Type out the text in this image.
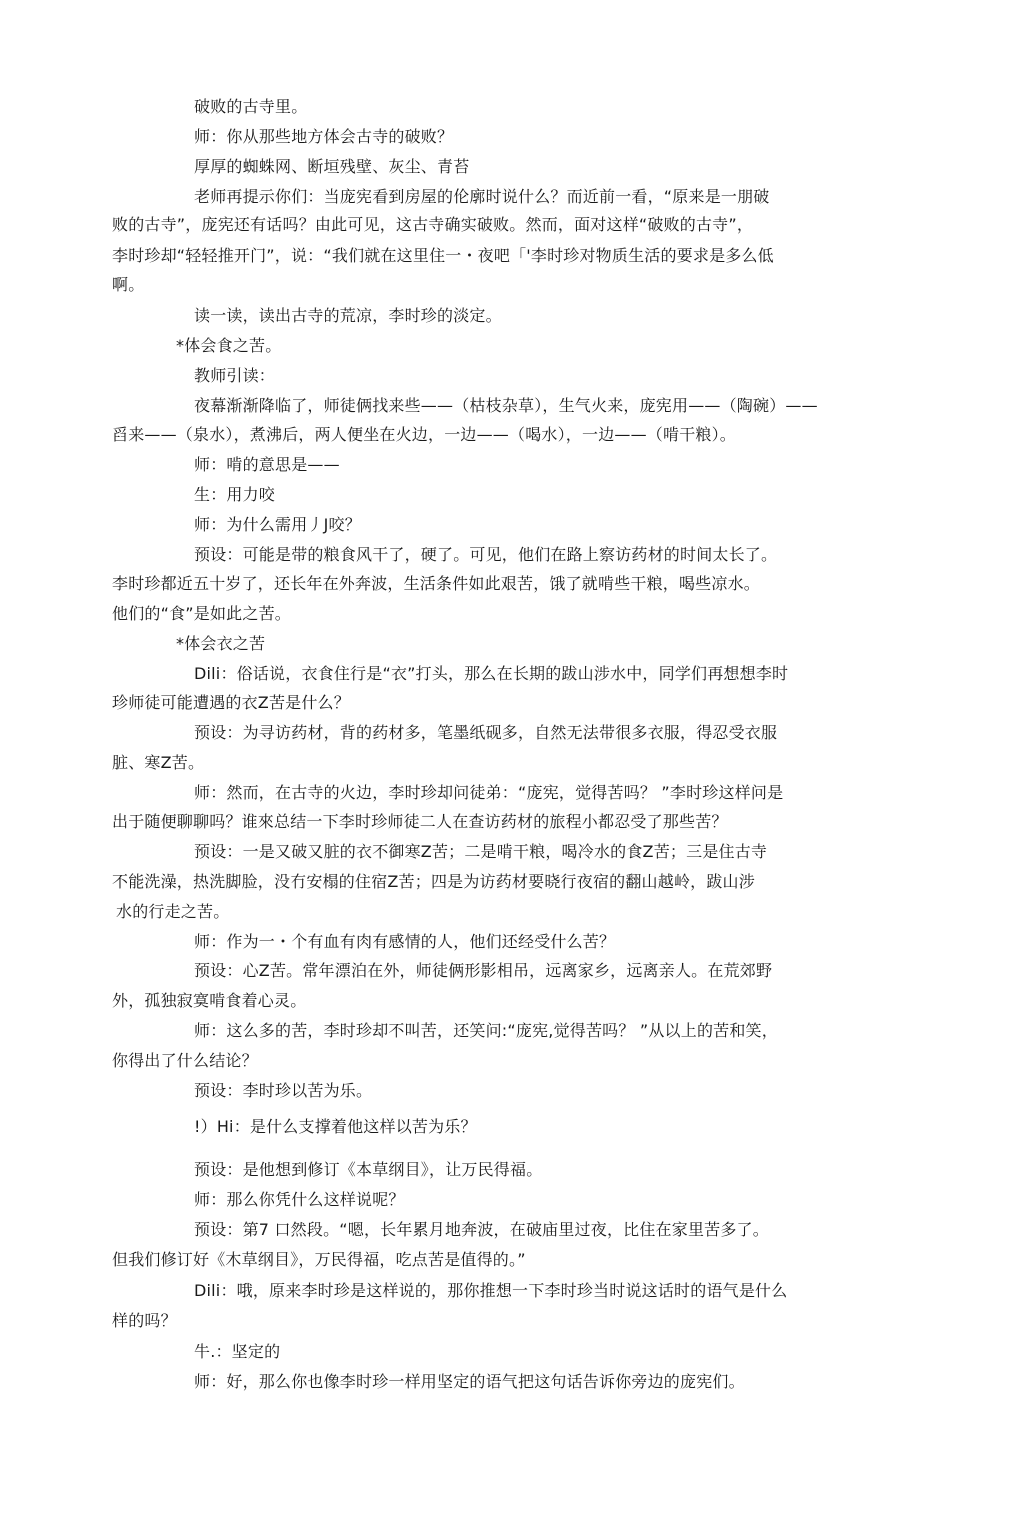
破败的古寺里。
师：你从那些地方体会古寺的破败？
厚厚的蜘蛛网、断垣残壁、灰尘、青苔
老师再提示你们：当庞宪看到房屋的伦廓时说什么？而近前一看，“原来是一朋破
败的古寺”，庞宪还有话吗？由此可见，这古寺确实破败。然而，面对这样“破败的古寺”，
李时珍却“轻轻推开门”，说：“我们就在这里住一・夜吧「'李时珍对物质生活的要求是多么低
啊。
读一读，读出古寺的荒凉，李时珍的淡定。
*体会食之苦。
教师引读：
夜幕渐渐降临了，师徒俩找来些——（枯枝杂草），生气火来，庞宪用——（陶碗）——
舀来——（泉水），煮沸后，两人便坐在火边，一边——（喝水），一边——（啃干粮）。
师：啃的意思是——
生：用力咬
师：为什么需用丿J咬？
预设：可能是带的粮食风干了，硬了。可见，他们在路上察访药材的时间太长了。
李时珍都近五十岁了，还长年在外奔波，生活条件如此艰苦，饿了就啃些干粮，喝些凉水。
他们的“食”是如此之苦。
*体会衣之苦
Dili：俗话说，衣食住行是“衣”打头，那么在长期的跋山涉水中，同学们再想想李时
珍师徒可能遭遇的衣Z苦是什么？
预设：为寻访药材，背的药材多，笔墨纸砚多，自然无法带很多衣服，得忍受衣服
脏、寒Z苦。
师：然而，在古寺的火边，李时珍却问徒弟：“庞宪，觉得苦吗？ ”李时珍这样问是
出于随便聊聊吗？谁來总结一下李时珍师徒二人在查访药材的旅程小都忍受了那些苦？
预设：一是又破又脏的衣不御寒Z苦；二是啃干粮，喝冷水的食Z苦；三是住古寺
不能洗澡，热洗脚脸，没冇安榻的住宿Z苦；四是为访药材要晓行夜宿的翻山越岭，跋山涉
水的行走之苦。
师：作为一・个有血有肉有感情的人，他们还经受什么苦？
预设：心Z苦。常年漂泊在外，师徒俩形影相吊，远离家乡，远离亲人。在荒郊野
外，孤独寂寞啃食着心灵。
师：这么多的苦，李时珍却不叫苦，还笑问:“庞宪,觉得苦吗？ ”从以上的苦和笑，
你得出了什么结论？
预设：李时珍以苦为乐。
!）Hi：是什么支撑着他这样以苦为乐？
预设：是他想到修订《本草纲目》，让万民得福。
师：那么你凭什么这样说呢？
预设：第7 口然段。“嗯，长年累月地奔波，在破庙里过夜，比住在家里苦多了。
但我们修订好《木草纲目》，万民得福，吃点苦是值得的。”
Dili：哦，原来李时珍是这样说的，那你推想一下李时珍当时说这话时的语气是什么
样的吗？
牛.：坚定的
师：好，那么你也像李时珍一样用坚定的语气把这句话告诉你旁边的庞宪们。
